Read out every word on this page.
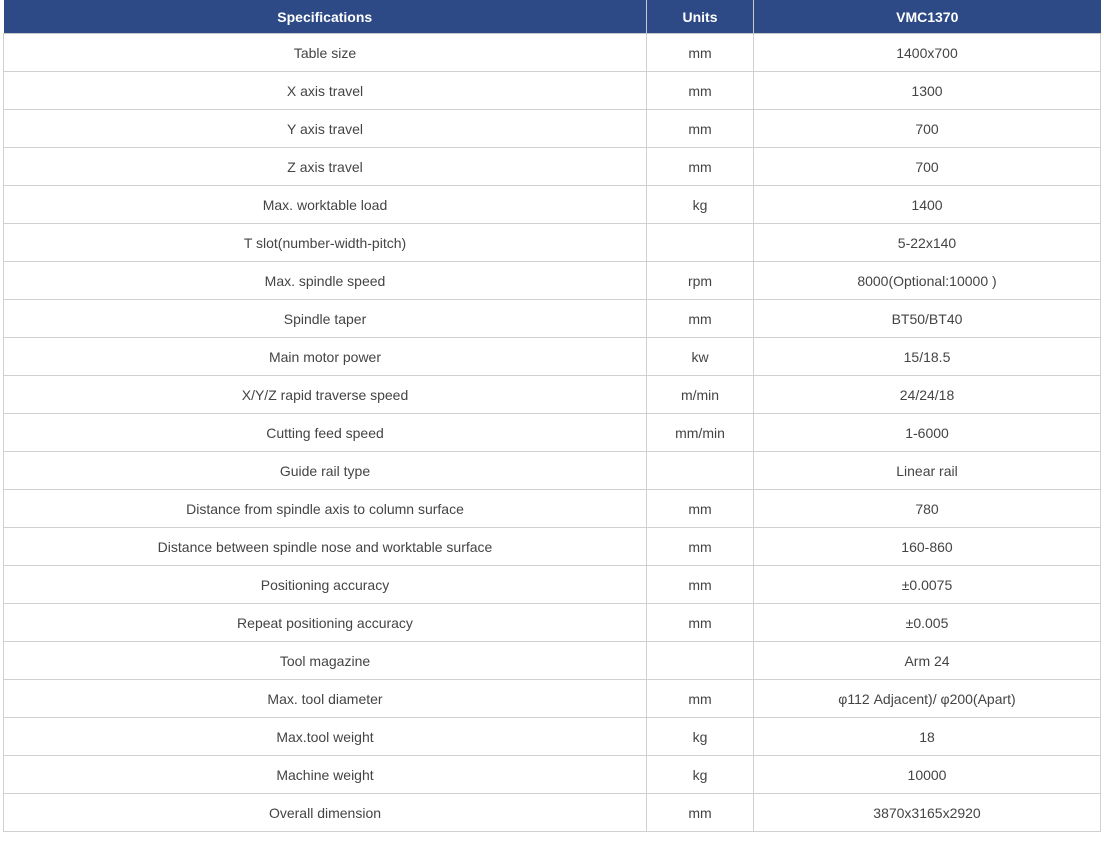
Specifications	Units	VMC1370
Table size	mm	1400x700
X axis travel	mm	1300
Y axis travel	mm	700
Z axis travel	mm	700
Max. worktable load	kg	1400
T slot(number-width-pitch)		5-22x140
Max. spindle speed	rpm	8000(Optional:10000 )
Spindle taper	mm	BT50/BT40
Main motor power	kw	15/18.5
X/Y/Z rapid traverse speed	m/min	24/24/18
Cutting feed speed	mm/min	1-6000
Guide rail type		Linear rail
Distance from spindle axis to column surface	mm	780
Distance between spindle nose and worktable surface	mm	160-860
Positioning accuracy	mm	±0.0075
Repeat positioning accuracy	mm	±0.005
Tool magazine		Arm 24
Max. tool diameter	mm	φ112 Adjacent)/ φ200(Apart)
Max.tool weight	kg	18
Machine weight	kg	10000
Overall dimension	mm	3870x3165x2920
